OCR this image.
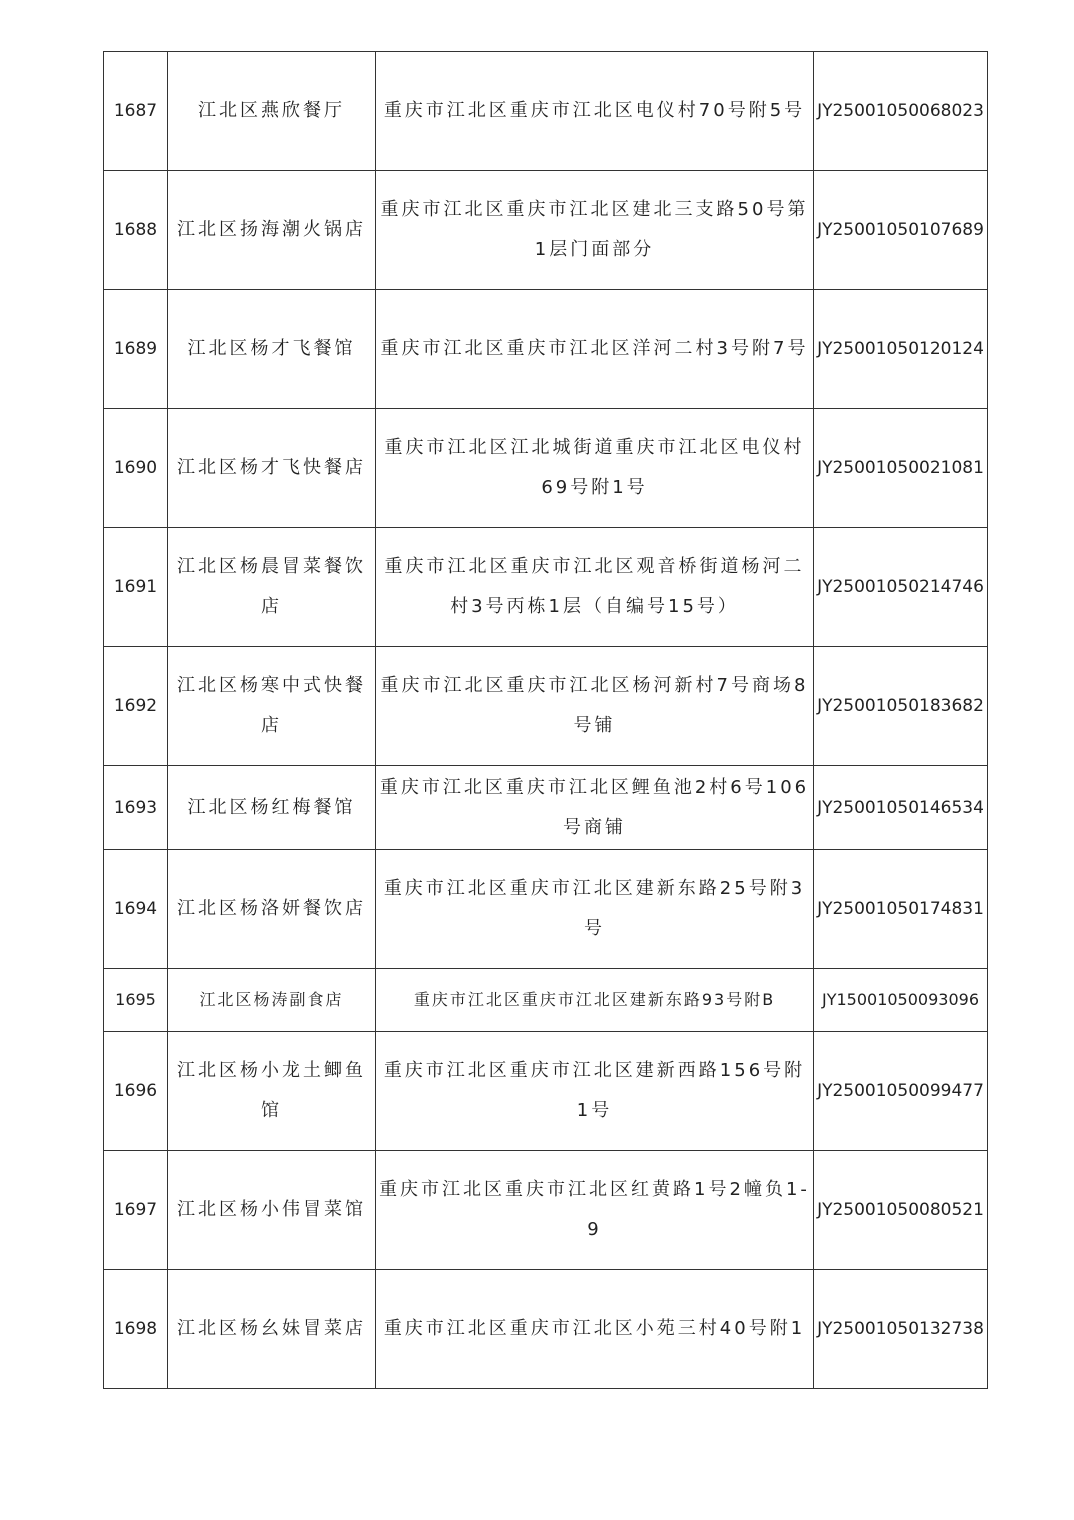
1687	江北区燕欣餐厅	重庆市江北区重庆市江北区电仪村70号附5号	JY25001050068023
1688	江北区扬海潮火锅店	重庆市江北区重庆市江北区建北三支路50号第1层门面部分	JY25001050107689
1689	江北区杨才飞餐馆	重庆市江北区重庆市江北区洋河二村3号附7号	JY25001050120124
1690	江北区杨才飞快餐店	重庆市江北区江北城街道重庆市江北区电仪村69号附1号	JY25001050021081
1691	江北区杨晨冒菜餐饮店	重庆市江北区重庆市江北区观音桥街道杨河二村3号丙栋1层（自编号15号）	JY25001050214746
1692	江北区杨寒中式快餐店	重庆市江北区重庆市江北区杨河新村7号商场8号铺	JY25001050183682
1693	江北区杨红梅餐馆	重庆市江北区重庆市江北区鲤鱼池2村6号106号商铺	JY25001050146534
1694	江北区杨洛妍餐饮店	重庆市江北区重庆市江北区建新东路25号附3号	JY25001050174831
1695	江北区杨涛副食店	重庆市江北区重庆市江北区建新东路93号附B	JY15001050093096
1696	江北区杨小龙土鲫鱼馆	重庆市江北区重庆市江北区建新西路156号附1号	JY25001050099477
1697	江北区杨小伟冒菜馆	重庆市江北区重庆市江北区红黄路1号2幢负1-9	JY25001050080521
1698	江北区杨幺妹冒菜店	重庆市江北区重庆市江北区小苑三村40号附1	JY25001050132738
